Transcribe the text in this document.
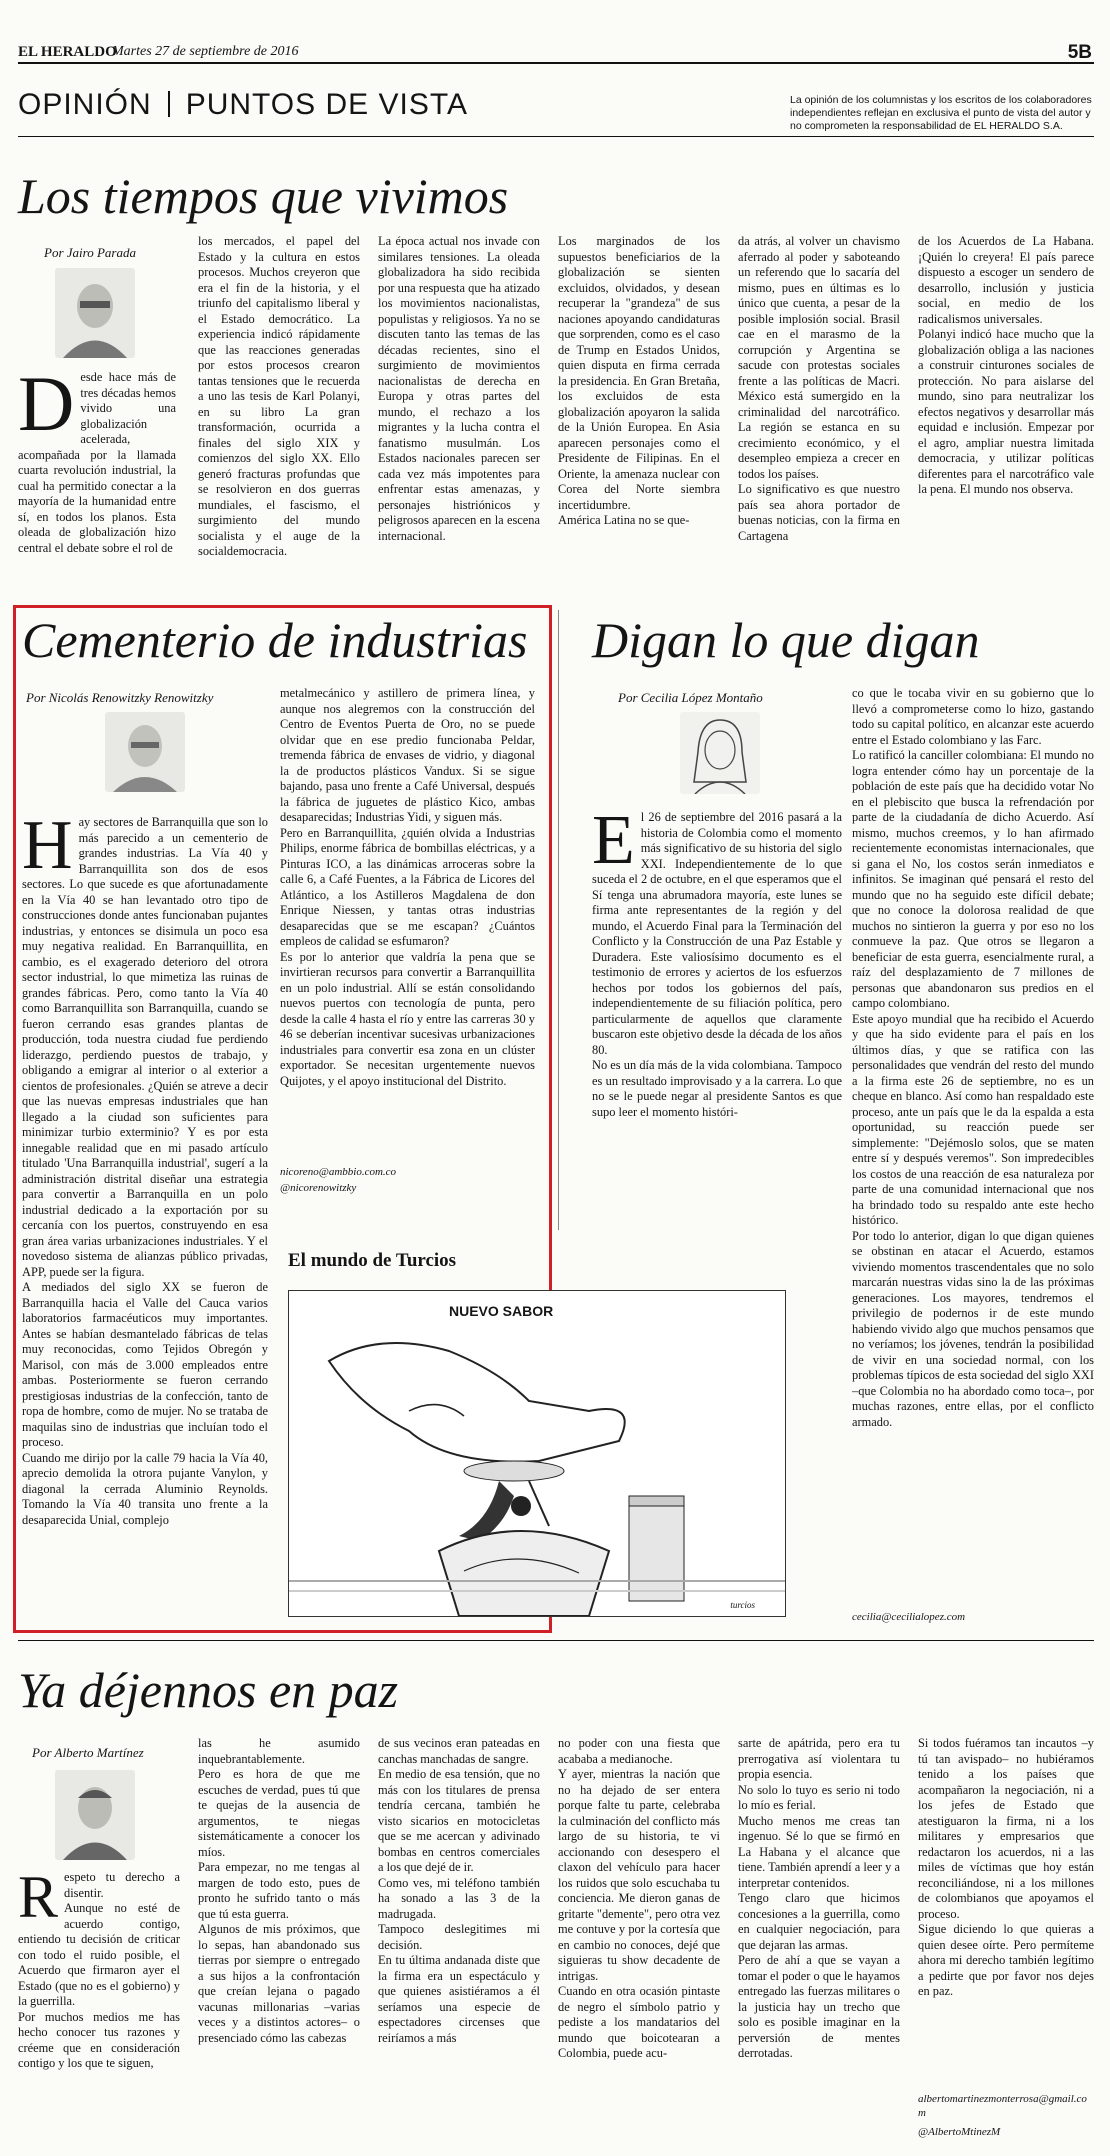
EL HERALDO
Martes 27 de septiembre de 2016	5B
OPINIÓN PUNTOS DE VISTA	La opinión de los columnistas y los escritos de los colaboradores independientes reflejan en exclusiva el punto de vista del autor y no comprometen la responsabilidad de EL HERALDO S.A.
Los tiempos que vivimos
Por Jairo Parada
Desde hace más de tres décadas hemos vivido una globalización acelerada, acompañada por la llamada cuarta revolución industrial, la cual ha permitido conectar a la mayoría de la humanidad entre sí, en todos los planos. Esta oleada de globalización hizo central el debate sobre el rol de
los mercados, el papel del Estado y la cultura en estos procesos. Muchos creyeron que era el fin de la historia, y el triunfo del capitalismo liberal y el Estado democrático. La experiencia indicó rápidamente que las reacciones generadas por estos procesos crearon tantas tensiones que le recuerda a uno las tesis de Karl Polanyi, en su libro La gran transformación, ocurrida a finales del siglo XIX y comienzos del siglo XX. Ello generó fracturas profundas que se resolvieron en dos guerras mundiales, el fascismo, el surgimiento del mundo socialista y el auge de la socialdemocracia.
La época actual nos invade con similares tensiones. La oleada globalizadora ha sido recibida por una respuesta que ha atizado los movimientos nacionalistas, populistas y religiosos. Ya no se discuten tanto las temas de las décadas recientes, sino el surgimiento de movimientos nacionalistas de derecha en Europa y otras partes del mundo, el rechazo a los migrantes y la lucha contra el fanatismo musulmán. Los Estados nacionales parecen ser cada vez más impotentes para enfrentar estas amenazas, y personajes histriónicos y peligrosos aparecen en la escena internacional.
Los marginados de los supuestos beneficiarios de la globalización se sienten excluidos, olvidados, y desean recuperar la "grandeza" de sus naciones apoyando candidaturas que sorprenden, como es el caso de Trump en Estados Unidos, quien disputa en firma cerrada la presidencia. En Gran Bretaña, los excluidos de esta globalización apoyaron la salida de la Unión Europea. En Asia aparecen personajes como el Presidente de Filipinas. En el Oriente, la amenaza nuclear con Corea del Norte siembra incertidumbre.
América Latina no se que-
da atrás, al volver un chavismo aferrado al poder y saboteando un referendo que lo sacaría del mismo, pues en últimas es lo único que cuenta, a pesar de la posible implosión social. Brasil cae en el marasmo de la corrupción y Argentina se sacude con protestas sociales frente a las políticas de Macri. México está sumergido en la criminalidad del narcotráfico. La región se estanca en su crecimiento económico, y el desempleo empieza a crecer en todos los países.
Lo significativo es que nuestro país sea ahora portador de buenas noticias, con la firma en Cartagena
de los Acuerdos de La Habana. ¡Quién lo creyera! El país parece dispuesto a escoger un sendero de desarrollo, inclusión y justicia social, en medio de los radicalismos universales.
Polanyi indicó hace mucho que la globalización obliga a las naciones a construir cinturones sociales de protección. No para aislarse del mundo, sino para neutralizar los efectos negativos y desarrollar más equidad e inclusión. Empezar por el agro, ampliar nuestra limitada democracia, y utilizar políticas diferentes para el narcotráfico vale la pena. El mundo nos observa.
Cementerio de industrias
Por Nicolás Renowitzky Renowitzky
Hay sectores de Barranquilla que son lo más parecido a un cementerio de grandes industrias. La Vía 40 y Barranquillita son dos de esos sectores. Lo que sucede es que afortunadamente en la Vía 40 se han levantado otro tipo de construcciones donde antes funcionaban pujantes industrias, y entonces se disimula un poco esa muy negativa realidad. En Barranquillita, en cambio, es el exagerado deterioro del otrora sector industrial, lo que mimetiza las ruinas de grandes fábricas. Pero, como tanto la Vía 40 como Barranquillita son Barranquilla, cuando se fueron cerrando esas grandes plantas de producción, toda nuestra ciudad fue perdiendo liderazgo, perdiendo puestos de trabajo, y obligando a emigrar al interior o al exterior a cientos de profesionales. ¿Quién se atreve a decir que las nuevas empresas industriales que han llegado a la ciudad son suficientes para minimizar turbio exterminio? Y es por esta innegable realidad que en mi pasado artículo titulado 'Una Barranquilla industrial', sugerí a la administración distrital diseñar una estrategia para convertir a Barranquilla en un polo industrial dedicado a la exportación por su cercanía con los puertos, construyendo en esa gran área varias urbanizaciones industriales. Y el novedoso sistema de alianzas público privadas, APP, puede ser la figura.
A mediados del siglo XX se fueron de Barranquilla hacia el Valle del Cauca varios laboratorios farmacéuticos muy importantes. Antes se habían desmantelado fábricas de telas muy reconocidas, como Tejidos Obregón y Marisol, con más de 3.000 empleados entre ambas. Posteriormente se fueron cerrando prestigiosas industrias de la confección, tanto de ropa de hombre, como de mujer. No se trataba de maquilas sino de industrias que incluían todo el proceso.
Cuando me dirijo por la calle 79 hacia la Vía 40, aprecio demolida la otrora pujante Vanylon, y diagonal la cerrada Aluminio Reynolds. Tomando la Vía 40 transita uno frente a la desaparecida Unial, complejo
metalmecánico y astillero de primera línea, y aunque nos alegremos con la construcción del Centro de Eventos Puerta de Oro, no se puede olvidar que en ese predio funcionaba Peldar, tremenda fábrica de envases de vidrio, y diagonal la de productos plásticos Vandux. Si se sigue bajando, pasa uno frente a Café Universal, después la fábrica de juguetes de plástico Kico, ambas desaparecidas; Industrias Yidi, y siguen más.
Pero en Barranquillita, ¿quién olvida a Industrias Philips, enorme fábrica de bombillas eléctricas, y a Pinturas ICO, a las dinámicas arroceras sobre la calle 6, a Café Fuentes, a la Fábrica de Licores del Atlántico, a los Astilleros Magdalena de don Enrique Niessen, y tantas otras industrias desaparecidas que se me escapan? ¿Cuántos empleos de calidad se esfumaron?
Es por lo anterior que valdría la pena que se invirtieran recursos para convertir a Barranquillita en un polo industrial. Allí se están consolidando nuevos puertos con tecnología de punta, pero desde la calle 4 hasta el río y entre las carreras 30 y 46 se deberían incentivar sucesivas urbanizaciones industriales para convertir esa zona en un clúster exportador. Se necesitan urgentemente nuevos Quijotes, y el apoyo institucional del Distrito.
nicoreno@ambbio.com.co
@nicorenowitzky
Digan lo que digan
Por Cecilia López Montaño
El 26 de septiembre del 2016 pasará a la historia de Colombia como el momento más significativo de su historia del siglo XXI. Independientemente de lo que suceda el 2 de octubre, en el que esperamos que el Sí tenga una abrumadora mayoría, este lunes se firma ante representantes de la región y del mundo, el Acuerdo Final para la Terminación del Conflicto y la Construcción de una Paz Estable y Duradera. Este valiosísimo documento es el testimonio de errores y aciertos de los esfuerzos hechos por todos los gobiernos del país, independientemente de su filiación política, pero particularmente de aquellos que claramente buscaron este objetivo desde la década de los años 80.
No es un día más de la vida colombiana. Tampoco es un resultado improvisado y a la carrera. Lo que no se le puede negar al presidente Santos es que supo leer el momento históri-
co que le tocaba vivir en su gobierno que lo llevó a comprometerse como lo hizo, gastando todo su capital político, en alcanzar este acuerdo entre el Estado colombiano y las Farc.
Lo ratificó la canciller colombiana: El mundo no logra entender cómo hay un porcentaje de la población de este país que ha decidido votar No en el plebiscito que busca la refrendación por parte de la ciudadanía de dicho Acuerdo. Así mismo, muchos creemos, y lo han afirmado recientemente economistas internacionales, que si gana el No, los costos serán inmediatos e infinitos. Se imaginan qué pensará el resto del mundo que no ha seguido este difícil debate; que no conoce la dolorosa realidad de que muchos no sintieron la guerra y por eso no los conmueve la paz. Que otros se llegaron a beneficiar de esta guerra, esencialmente rural, a raíz del desplazamiento de 7 millones de personas que abandonaron sus predios en el campo colombiano.
Este apoyo mundial que ha recibido el Acuerdo y que ha sido evidente para el país en los últimos días, y que se ratifica con las personalidades que vendrán del resto del mundo a la firma este 26 de septiembre, no es un cheque en blanco. Así como han respaldado este proceso, ante un país que le da la espalda a esta oportunidad, su reacción puede ser simplemente: "Dejémoslo solos, que se maten entre sí y después veremos". Son impredecibles los costos de una reacción de esa naturaleza por parte de una comunidad internacional que nos ha brindado todo su respaldo ante este hecho histórico.
Por todo lo anterior, digan lo que digan quienes se obstinan en atacar el Acuerdo, estamos viviendo momentos trascendentales que no solo marcarán nuestras vidas sino la de las próximas generaciones. Los mayores, tendremos el privilegio de podernos ir de este mundo habiendo vivido algo que muchos pensamos que no veríamos; los jóvenes, tendrán la posibilidad de vivir en una sociedad normal, con los problemas típicos de esta sociedad del siglo XXI –que Colombia no ha abordado como toca–, por muchas razones, entre ellas, por el conflicto armado.
cecilia@cecilialopez.com
El mundo de Turcios
NUEVO SABOR
turcios
Ya déjennos en paz
Por Alberto Martínez
Respeto tu derecho a disentir.
Aunque no esté de acuerdo contigo, entiendo tu decisión de criticar con todo el ruido posible, el Acuerdo que firmaron ayer el Estado (que no es el gobierno) y la guerrilla.
Por muchos medios me has hecho conocer tus razones y créeme que en consideración contigo y los que te siguen,
las he asumido inquebrantablemente.
Pero es hora de que me escuches de verdad, pues tú que te quejas de la ausencia de argumentos, te niegas sistemáticamente a conocer los míos.
Para empezar, no me tengas al margen de todo esto, pues de pronto he sufrido tanto o más que tú esta guerra.
Algunos de mis próximos, que lo sepas, han abandonado sus tierras por siempre o entregado a sus hijos a la confrontación que creían lejana o pagado vacunas millonarias –varias veces y a distintos actores– o presenciado cómo las cabezas
de sus vecinos eran pateadas en canchas manchadas de sangre.
En medio de esa tensión, que no más con los titulares de prensa tendría cercana, también he visto sicarios en motocicletas que se me acercan y adivinado bombas en centros comerciales a los que dejé de ir.
Como ves, mi teléfono también ha sonado a las 3 de la madrugada.
Tampoco deslegitimes mi decisión.
En tu última andanada diste que la firma era un espectáculo y que quienes asistiéramos a él seríamos una especie de espectadores circenses que reiríamos a más
no poder con una fiesta que acababa a medianoche.
Y ayer, mientras la nación que no ha dejado de ser entera porque falte tu parte, celebraba la culminación del conflicto más largo de su historia, te vi accionando con desespero el claxon del vehículo para hacer los ruidos que solo escuchaba tu conciencia. Me dieron ganas de gritarte "demente", pero otra vez me contuve y por la cortesía que en cambio no conoces, dejé que siguieras tu show decadente de intrigas.
Cuando en otra ocasión pintaste de negro el símbolo patrio y pediste a los mandatarios del mundo que boicotearan a Colombia, puede acu-
sarte de apátrida, pero era tu prerrogativa así violentara tu propia esencia.
No solo lo tuyo es serio ni todo lo mío es ferial.
Mucho menos me creas tan ingenuo. Sé lo que se firmó en La Habana y el alcance que tiene. También aprendí a leer y a interpretar contenidos.
Tengo claro que hicimos concesiones a la guerrilla, como en cualquier negociación, para que dejaran las armas.
Pero de ahí a que se vayan a tomar el poder o que le hayamos entregado las fuerzas militares o la justicia hay un trecho que solo es posible imaginar en la perversión de mentes derrotadas.
Si todos fuéramos tan incautos –y tú tan avispado– no hubiéramos tenido a los países que acompañaron la negociación, ni a los jefes de Estado que atestiguaron la firma, ni a los militares y empresarios que redactaron los acuerdos, ni a las miles de víctimas que hoy están reconciliándose, ni a los millones de colombianos que apoyamos el proceso.
Sigue diciendo lo que quieras a quien desee oírte. Pero permíteme ahora mi derecho también legítimo a pedirte que por favor nos dejes en paz.
albertomartinezmonterrosa@gmail.com
@AlbertoMtinezM
